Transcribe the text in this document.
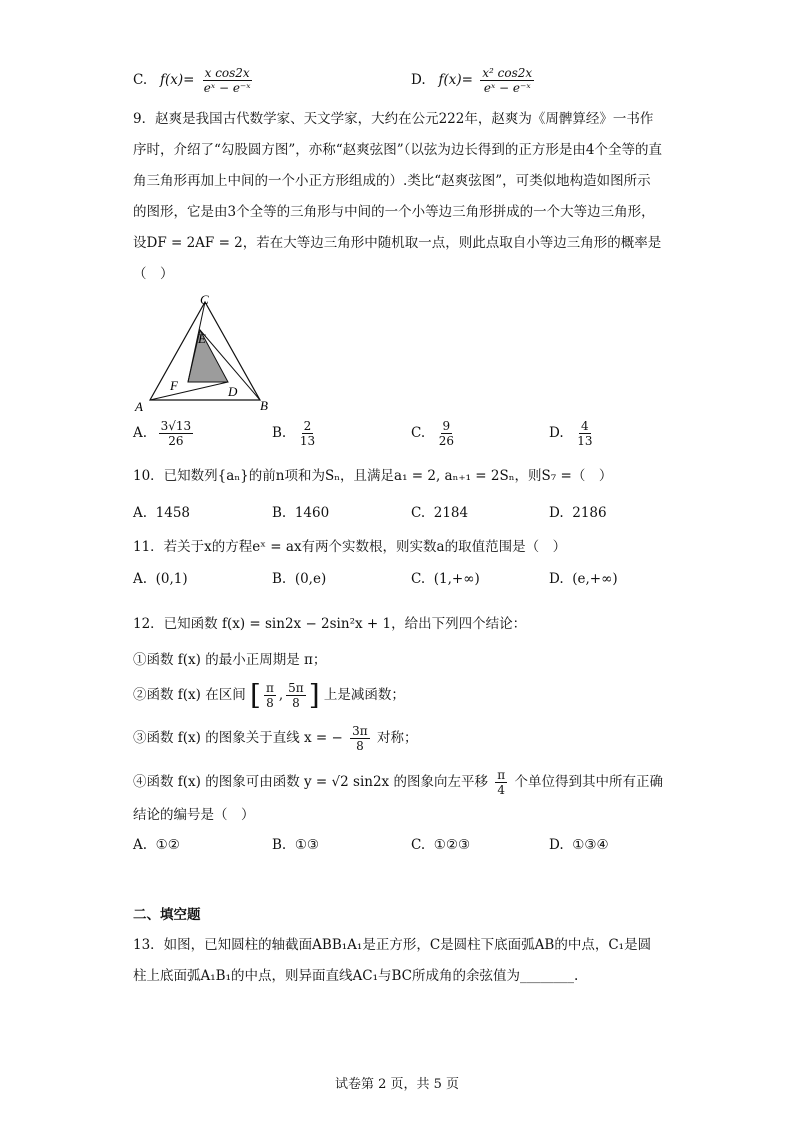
C. $f(x)= \frac{\text{x cos2x}}{\text{eˣ − e⁻ˣ}}$	D. $f(x)= \frac{\text{x² cos2x}}{\text{eˣ − e⁻ˣ}}$
9．赵爽是我国古代数学家、天文学家，大约在公元222年，赵爽为《周髀算经》一书作序时，介绍了“勾股圆方图”，亦称“赵爽弦图”（以弦为边长得到的正方形是由4个全等的直角三角形再加上中间的一个小正方形组成的）.类比“赵爽弦图”，可类似地构造如图所示的图形，它是由3个全等的三角形与中间的一个小等边三角形拼成的一个大等边三角形，设DF = 2AF = 2，若在大等边三角形中随机取一点，则此点取自小等边三角形的概率是（　）
C
E
F	D
A	B
A. $\frac{3√13}{26}$	B. $\frac{2}{13}$	C. $\frac{9}{26}$	D. $\frac{4}{13}$
10．已知数列{aₙ}的前n项和为Sₙ，且满足a₁ = 2, aₙ₊₁ = 2Sₙ，则S₇ =（　）
A. 1458	B. 1460	C. 2184	D. 2186
11．若关于x的方程eˣ = ax有两个实数根，则实数a的取值范围是（　）
A. (0,1)	B. (0,e)	C. (1,+∞)	D. (e,+∞)
12．已知函数 f(x) = sin2x − 2sin²x + 1，给出下列四个结论：
①函数 f(x) 的最小正周期是 π；
②函数 f(x) 在区间 [ $\frac{\pi}{8}$ , $\frac{5\pi}{8}$ ] 上是减函数；
③函数 f(x) 的图象关于直线 x = − $\frac{3\pi}{8}$ 对称；
④函数 f(x) 的图象可由函数 y = √2 sin2x 的图象向左平移 $\frac{\pi}{4}$ 个单位得到其中所有正确
结论的编号是（　）
A. ①②	B. ①③	C. ①②③	D. ①③④
二、填空题
13．如图，已知圆柱的轴截面ABB₁A₁是正方形，C是圆柱下底面弧AB的中点，C₁是圆柱上底面弧A₁B₁的中点，则异面直线AC₁与BC所成角的余弦值为________.
试卷第 2 页，共 5 页
